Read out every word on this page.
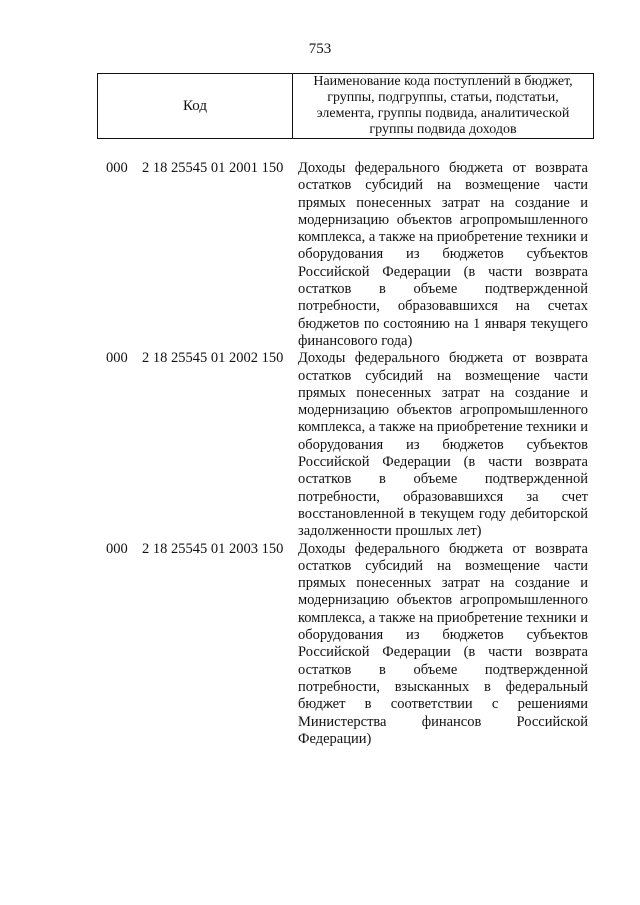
753
Код
Наименование кода поступлений в бюджет, группы, подгруппы, статьи, подстатьи, элемента, группы подвида, аналитической группы подвида доходов
000 2 18 25545 01 2001 150 Доходы федерального бюджета от возврата
остатков субсидий на возмещение части
прямых понесенных затрат на создание и
модернизацию объектов агропромышленного
комплекса, а также на приобретение техники и
оборудования из бюджетов субъектов
Российской Федерации (в части возврата
остатков в объеме подтвержденной
потребности, образовавшихся на счетах
бюджетов по состоянию на 1 января текущего
финансового года)
000 2 18 25545 01 2002 150 Доходы федерального бюджета от возврата
остатков субсидий на возмещение части
прямых понесенных затрат на создание и
модернизацию объектов агропромышленного
комплекса, а также на приобретение техники и
оборудования из бюджетов субъектов
Российской Федерации (в части возврата
остатков в объеме подтвержденной
потребности, образовавшихся за счет
восстановленной в текущем году дебиторской
задолженности прошлых лет)
000 2 18 25545 01 2003 150 Доходы федерального бюджета от возврата
остатков субсидий на возмещение части
прямых понесенных затрат на создание и
модернизацию объектов агропромышленного
комплекса, а также на приобретение техники и
оборудования из бюджетов субъектов
Российской Федерации (в части возврата
остатков в объеме подтвержденной
потребности, взысканных в федеральный
бюджет в соответствии с решениями
Министерства финансов Российской
Федерации)
